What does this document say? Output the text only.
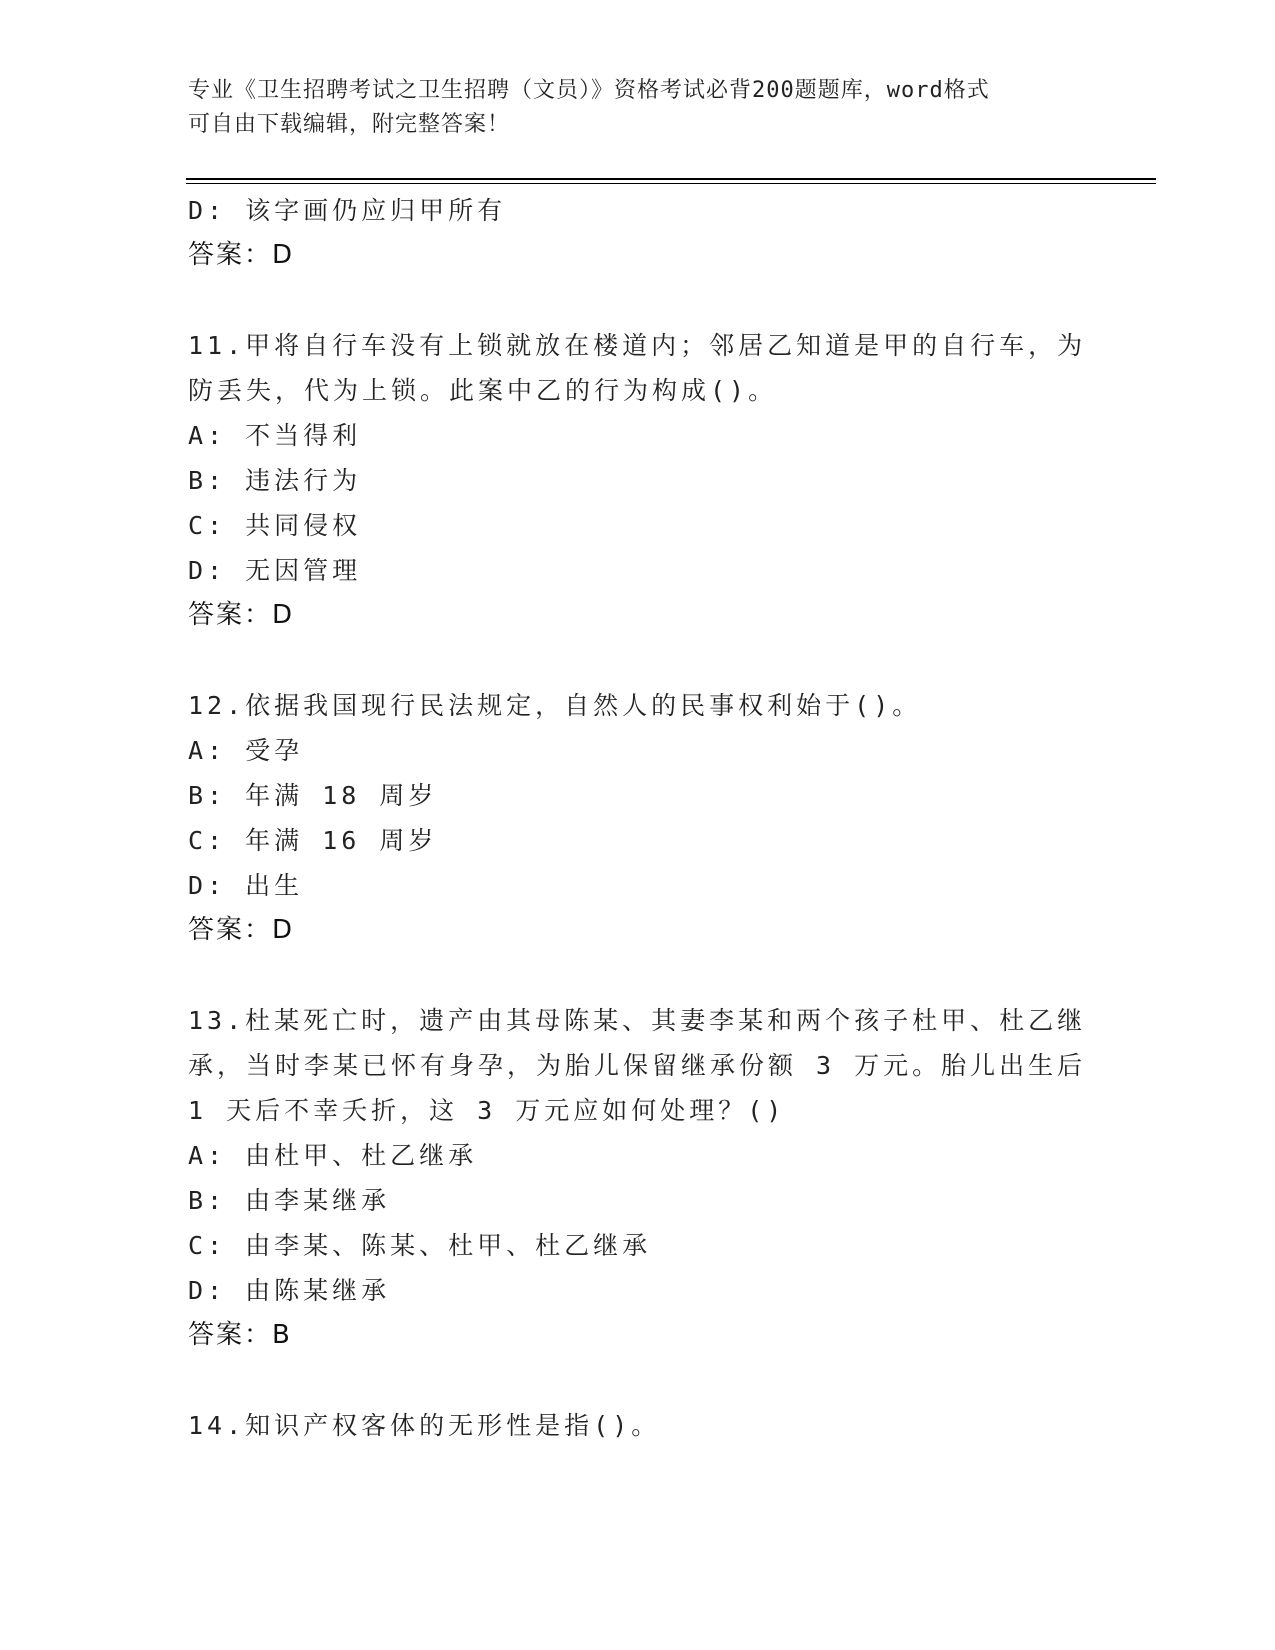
专业《卫生招聘考试之卫生招聘（文员）》资格考试必背200题题库，word格式
可自由下载编辑，附完整答案！
D: 该字画仍应归甲所有
答案：D
11.甲将自行车没有上锁就放在楼道内；邻居乙知道是甲的自行车，为
防丢失，代为上锁。此案中乙的行为构成()。
A: 不当得利
B: 违法行为
C: 共同侵权
D: 无因管理
答案：D
12.依据我国现行民法规定，自然人的民事权利始于()。
A: 受孕
B: 年满 18 周岁
C: 年满 16 周岁
D: 出生
答案：D
13.杜某死亡时，遗产由其母陈某、其妻李某和两个孩子杜甲、杜乙继
承，当时李某已怀有身孕，为胎儿保留继承份额 3 万元。胎儿出生后
1 天后不幸夭折，这 3 万元应如何处理？()
A: 由杜甲、杜乙继承
B: 由李某继承
C: 由李某、陈某、杜甲、杜乙继承
D: 由陈某继承
答案：B
14.知识产权客体的无形性是指()。
